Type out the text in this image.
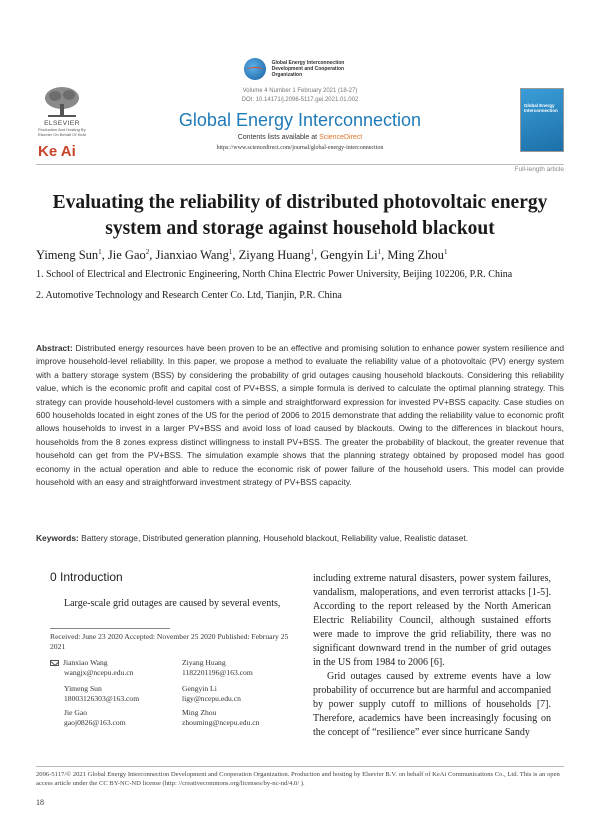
Global Energy Interconnection
Development and Cooperation Organization
ELSEVIER
Production And Hosting By Elsevier On Behalf Of KeAi
Ke Ai
Volume 4 Number 1 February 2021 (18-27)
DOI: 10.14171/j.2096-5117.gei.2021.01.002
Global Energy Interconnection
Contents lists available at ScienceDirect
https://www.sciencedirect.com/journal/global-energy-interconnection
Global Energy Interconnection
Full-length article
Evaluating the reliability of distributed photovoltaic energy system and storage against household blackout
Yimeng Sun$^1$, Jie Gao$^2$, Jianxiao Wang$^1$, Ziyang Huang$^1$, Gengyin Li$^1$, Ming Zhou$^1$
1. School of Electrical and Electronic Engineering, North China Electric Power University, Beijing 102206, P.R. China
2. Automotive Technology and Research Center Co. Ltd, Tianjin, P.R. China
Abstract: Distributed energy resources have been proven to be an effective and promising solution to enhance power system resilience and improve household-level reliability. In this paper, we propose a method to evaluate the reliability value of a photovoltaic (PV) energy system with a battery storage system (BSS) by considering the probability of grid outages causing household blackouts. Considering this reliability value, which is the economic profit and capital cost of PV+BSS, a simple formula is derived to calculate the optimal planning strategy. This strategy can provide household-level customers with a simple and straightforward expression for invested PV+BSS capacity. Case studies on 600 households located in eight zones of the US for the period of 2006 to 2015 demonstrate that adding the reliability value to economic profit allows households to invest in a larger PV+BSS and avoid loss of load caused by blackouts. Owing to the differences in blackout hours, households from the 8 zones express distinct willingness to install PV+BSS. The greater the probability of blackout, the greater revenue that household can get from the PV+BSS. The simulation example shows that the planning strategy obtained by proposed model has good economy in the actual operation and able to reduce the economic risk of power failure of the household users. This model can provide household with an easy and straightforward investment strategy of PV+BSS capacity.
Keywords: Battery storage, Distributed generation planning, Household blackout, Reliability value, Realistic dataset.
0 Introduction
Large-scale grid outages are caused by several events,
Received: June 23 2020 Accepted: November 25 2020 Published: February 25 2021
Jianxiao Wang
wangjx@ncepu.edu.cn
Ziyang Huang
1182201196@163.com
Yimeng Sun
18003126303@163.com
Gengyin Li
ligy@ncepu.edu.cn
Jie Gao
gaoj0826@163.com
Ming Zhou
zhouming@ncepu.edu.cn

including extreme natural disasters, power system failures, vandalism, maloperations, and even terrorist attacks [1-5]. According to the report released by the North American Electric Reliability Council, although sustained efforts were made to improve the grid reliability, there was no significant downward trend in the number of grid outages in the US from 1984 to 2006 [6].

Grid outages caused by extreme events have a low probability of occurrence but are harmful and accompanied by power supply cutoff to millions of households [7]. Therefore, academics have been increasingly focusing on the concept of “resilience” ever since hurricane Sandy

2096-5117/© 2021 Global Energy Interconnection Development and Cooperation Organization. Production and hosting by Elsevier B.V. on behalf of KeAi Communications Co., Ltd. This is an open access article under the CC BY-NC-ND license (http: //creativecommons.org/licenses/by-nc-nd/4.0/ ).
18
